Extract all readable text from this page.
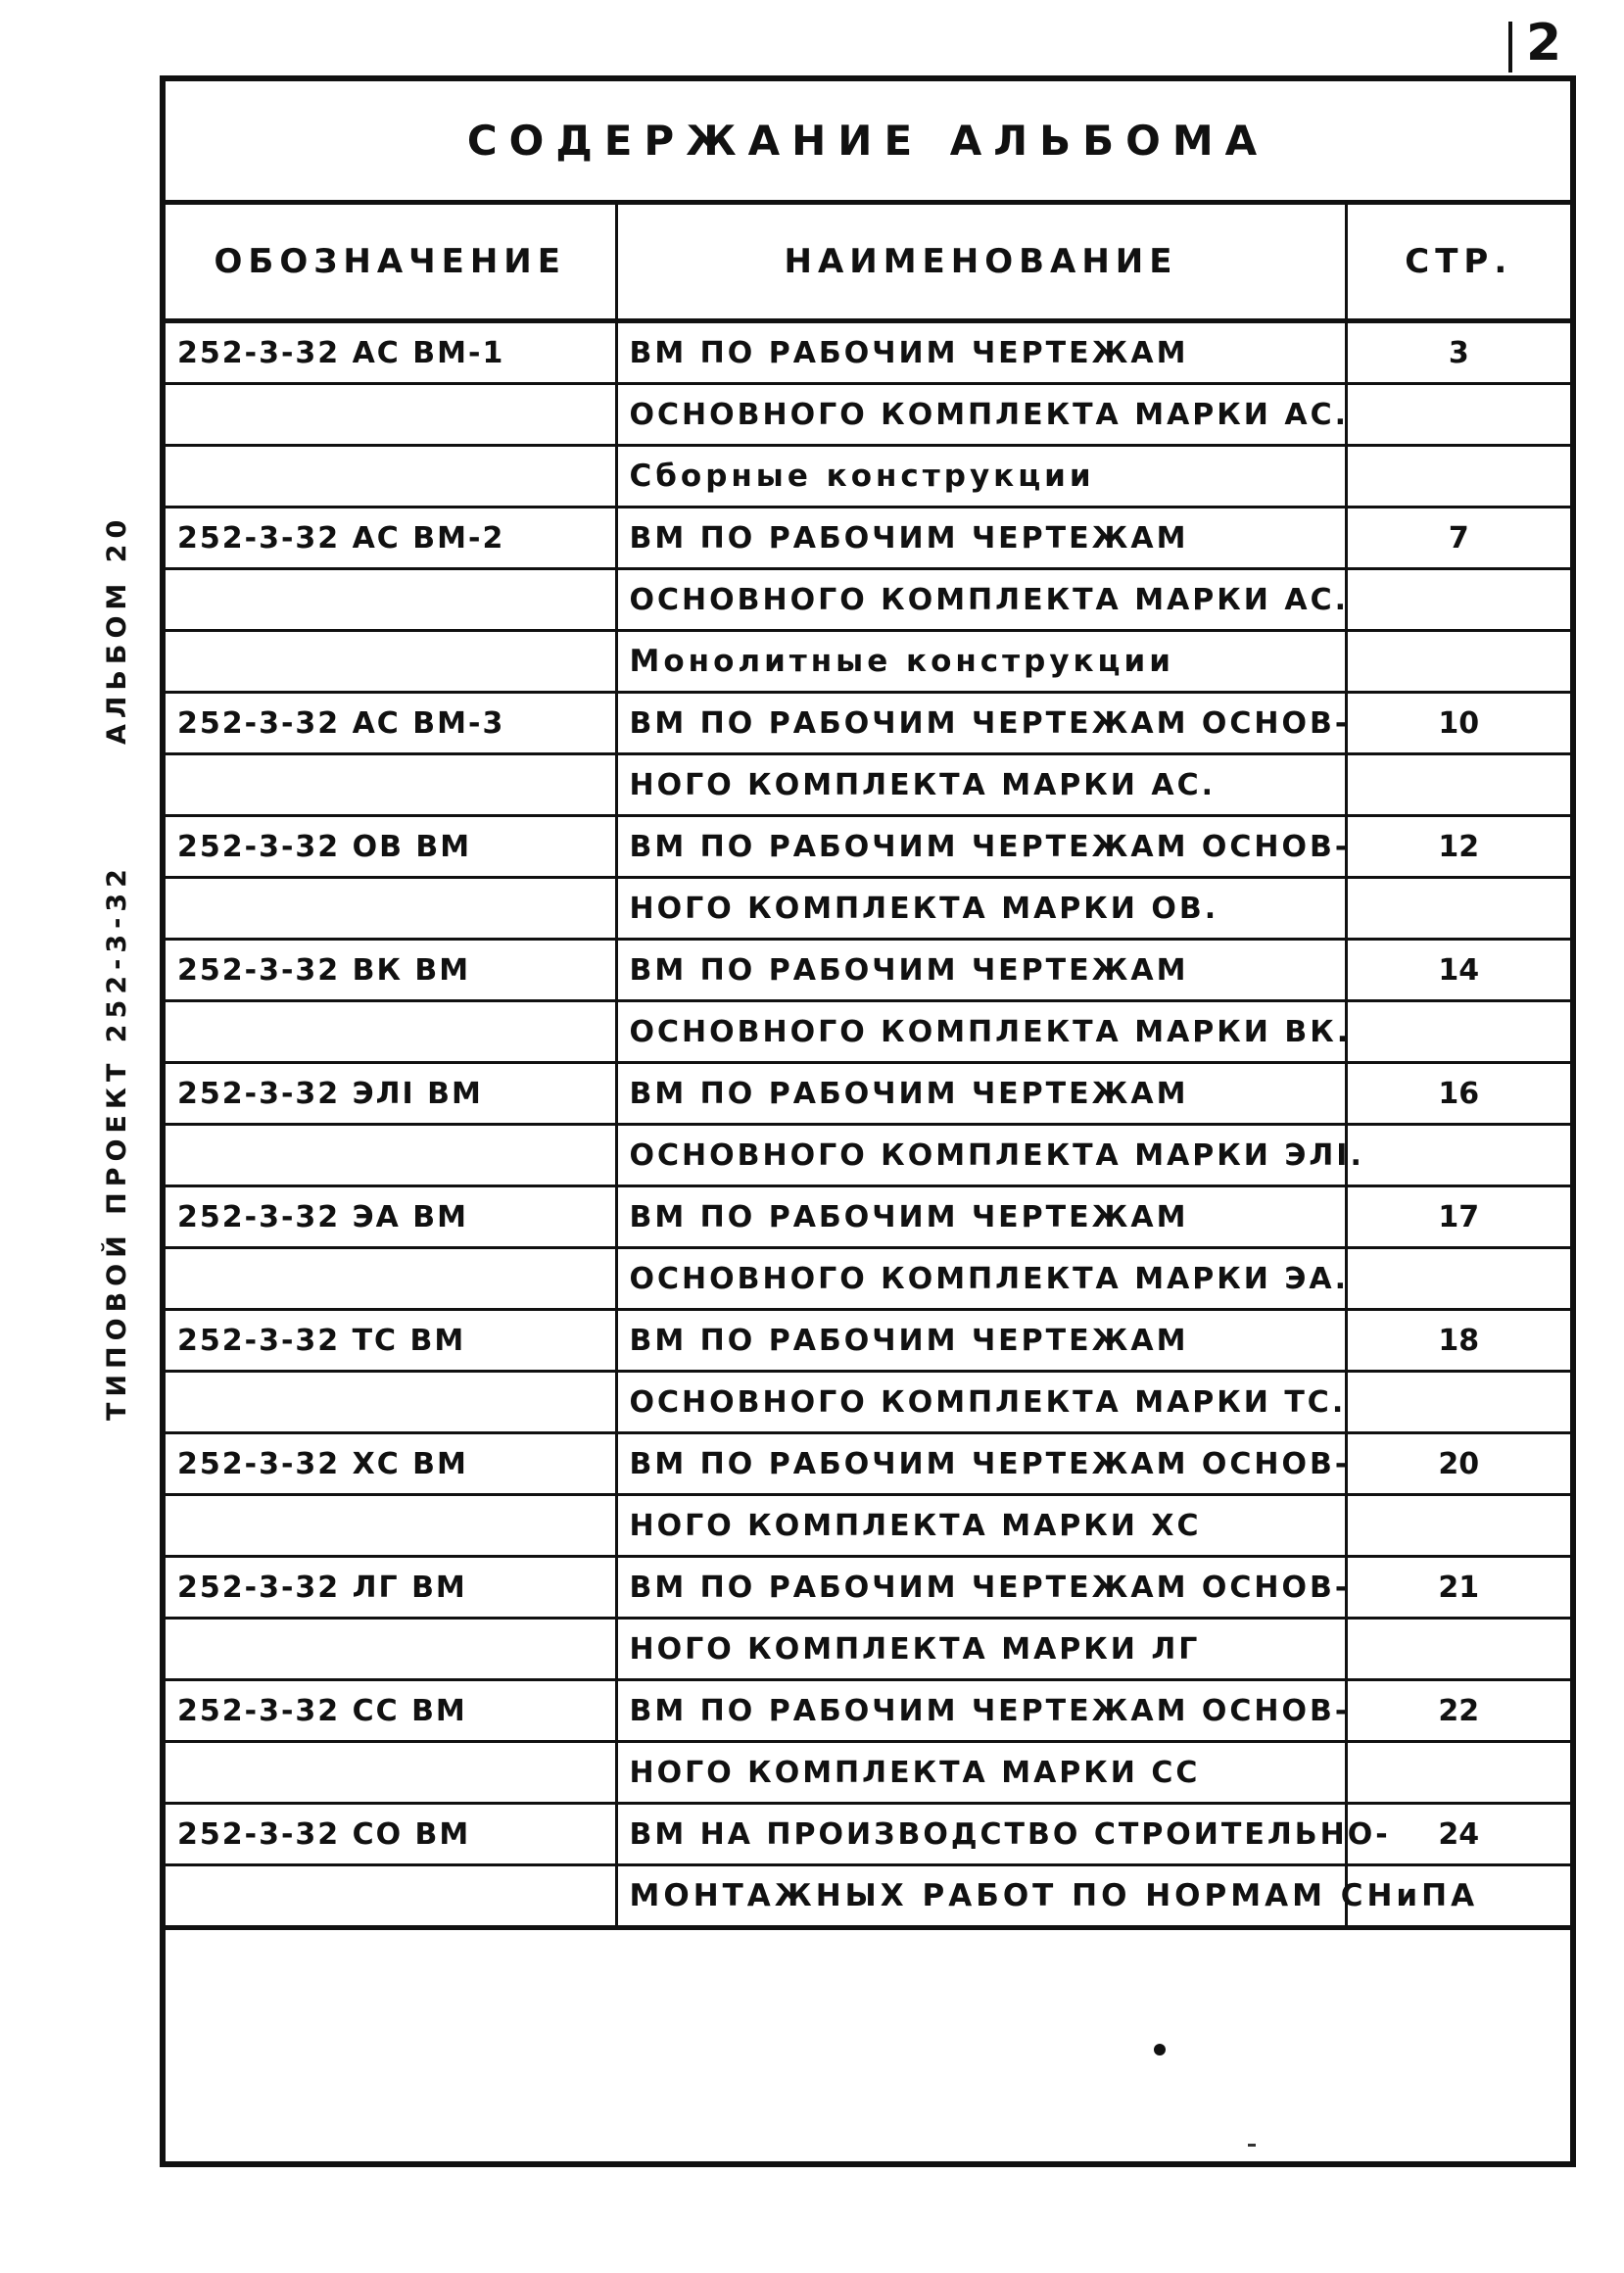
2
АЛЬБОМ 20
ТИПОВОЙ ПРОЕКТ 252-3-32
СОДЕРЖАНИЕ АЛЬБОМА
ОБОЗНАЧЕНИЕ	НАИМЕНОВАНИЕ	СТР.
252-3-32 АС ВМ-1	ВМ ПО РАБОЧИМ ЧЕРТЕЖАМ	3
	ОСНОВНОГО КОМПЛЕКТА МАРКИ АС.	
	Сборные конструкции	
252-3-32 АС ВМ-2	ВМ ПО РАБОЧИМ ЧЕРТЕЖАМ	7
	ОСНОВНОГО КОМПЛЕКТА МАРКИ АС.	
	Монолитные конструкции	
252-3-32 АС ВМ-3	ВМ ПО РАБОЧИМ ЧЕРТЕЖАМ ОСНОВ-	10
	НОГО КОМПЛЕКТА МАРКИ АС.	
252-3-32 ОВ ВМ	ВМ ПО РАБОЧИМ ЧЕРТЕЖАМ ОСНОВ-	12
	НОГО КОМПЛЕКТА МАРКИ ОВ.	
252-3-32 ВК ВМ	ВМ ПО РАБОЧИМ ЧЕРТЕЖАМ	14
	ОСНОВНОГО КОМПЛЕКТА МАРКИ ВК.	
252-3-32 ЭЛI ВМ	ВМ ПО РАБОЧИМ ЧЕРТЕЖАМ	16
	ОСНОВНОГО КОМПЛЕКТА МАРКИ ЭЛI.	
252-3-32 ЭА ВМ	ВМ ПО РАБОЧИМ ЧЕРТЕЖАМ	17
	ОСНОВНОГО КОМПЛЕКТА МАРКИ ЭА.	
252-3-32 ТС ВМ	ВМ ПО РАБОЧИМ ЧЕРТЕЖАМ	18
	ОСНОВНОГО КОМПЛЕКТА МАРКИ ТС.	
252-3-32 ХС ВМ	ВМ ПО РАБОЧИМ ЧЕРТЕЖАМ ОСНОВ-	20
	НОГО КОМПЛЕКТА МАРКИ ХС	
252-3-32 ЛГ ВМ	ВМ ПО РАБОЧИМ ЧЕРТЕЖАМ ОСНОВ-	21
	НОГО КОМПЛЕКТА МАРКИ ЛГ	
252-3-32 СС ВМ	ВМ ПО РАБОЧИМ ЧЕРТЕЖАМ ОСНОВ-	22
	НОГО КОМПЛЕКТА МАРКИ СС	
252-3-32 СО ВМ	ВМ НА ПРОИЗВОДСТВО СТРОИТЕЛЬНО-	24
	МОНТАЖНЫХ РАБОТ ПО НОРМАМ СНиПА	
